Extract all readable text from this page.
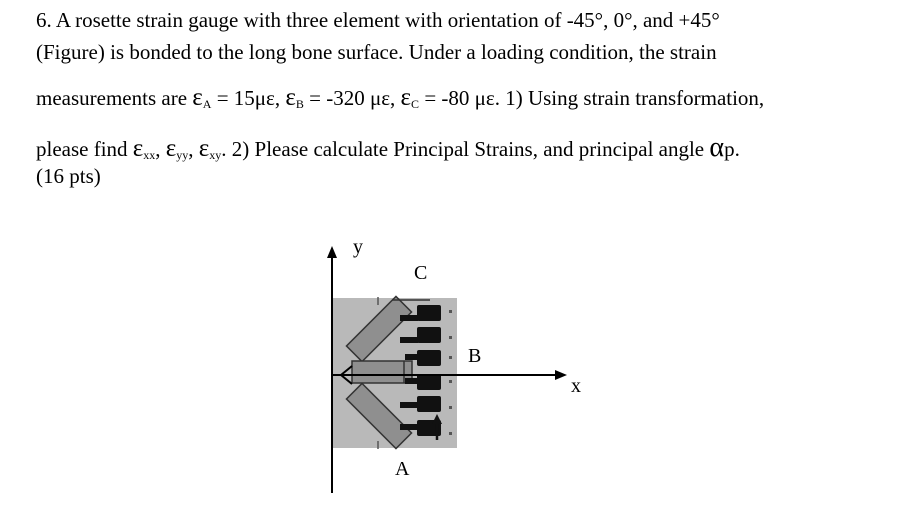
6. A rosette strain gauge with three element with orientation of -45°, 0°, and +45°
(Figure) is bonded to the long bone surface. Under a loading condition, the strain
measurements are $\varepsilon_A = 15\mu\varepsilon$, $\varepsilon_B = -320$ με, $\varepsilon_C = -80$ με. 1) Using strain transformation,
please find $\varepsilon_{xx}$, $\varepsilon_{yy}$, $\varepsilon_{xy}$. 2) Please calculate Principal Strains, and principal angle αp.
(16 pts)
y
x
C
B
A
